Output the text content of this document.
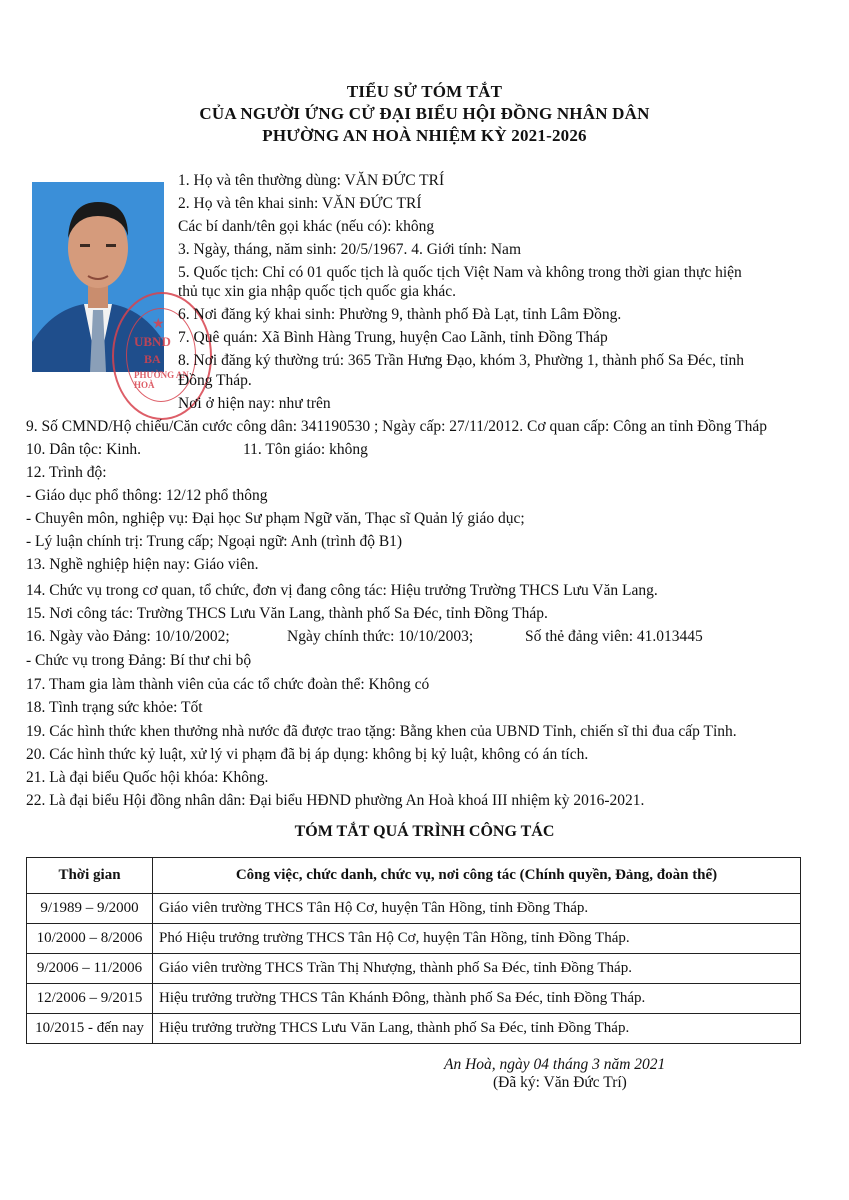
TIỂU SỬ TÓM TẮT
CỦA NGƯỜI ỨNG CỬ ĐẠI BIỂU HỘI ĐỒNG NHÂN DÂN
PHƯỜNG AN HOÀ NHIỆM KỲ 2021-2026
★
UBND
BA
PHƯỜNG AN HOÀ
1. Họ và tên thường dùng: VĂN ĐỨC TRÍ
2. Họ và tên khai sinh: VĂN ĐỨC TRÍ
Các bí danh/tên gọi khác (nếu có): không
3. Ngày, tháng, năm sinh: 20/5/1967. 4. Giới tính: Nam
5. Quốc tịch: Chỉ có 01 quốc tịch là quốc tịch Việt Nam và không trong thời gian thực hiện
thủ tục xin gia nhập quốc tịch quốc gia khác.
6. Nơi đăng ký khai sinh: Phường 9, thành phố Đà Lạt, tỉnh Lâm Đồng.
7. Quê quán: Xã Bình Hàng Trung, huyện Cao Lãnh, tỉnh Đồng Tháp
8. Nơi đăng ký thường trú: 365 Trần Hưng Đạo, khóm 3, Phường 1, thành phố Sa Đéc, tỉnh
Đồng Tháp.
Nơi ở hiện nay: như trên
9. Số CMND/Hộ chiếu/Căn cước công dân: 341190530 ; Ngày cấp: 27/11/2012. Cơ quan cấp: Công an tỉnh Đồng Tháp
10. Dân tộc: Kinh.	11. Tôn giáo: không
12. Trình độ:
- Giáo dục phổ thông: 12/12 phổ thông
- Chuyên môn, nghiệp vụ: Đại học Sư phạm Ngữ văn, Thạc sĩ Quản lý giáo dục;
- Lý luận chính trị: Trung cấp; Ngoại ngữ: Anh (trình độ B1)
13. Nghề nghiệp hiện nay: Giáo viên.
14. Chức vụ trong cơ quan, tổ chức, đơn vị đang công tác: Hiệu trưởng Trường THCS Lưu Văn Lang.
15. Nơi công tác: Trường THCS Lưu Văn Lang, thành phố Sa Đéc, tỉnh Đồng Tháp.
16. Ngày vào Đảng: 10/10/2002;	Ngày chính thức: 10/10/2003;	Số thẻ đảng viên: 41.013445
- Chức vụ trong Đảng: Bí thư chi bộ
17. Tham gia làm thành viên của các tổ chức đoàn thể: Không có
18. Tình trạng sức khỏe: Tốt
19. Các hình thức khen thưởng nhà nước đã được trao tặng: Bằng khen của UBND Tỉnh, chiến sĩ thi đua cấp Tỉnh.
20. Các hình thức kỷ luật, xử lý vi phạm đã bị áp dụng: không bị kỷ luật, không có án tích.
21. Là đại biểu Quốc hội khóa: Không.
22. Là đại biểu Hội đồng nhân dân: Đại biểu HĐND phường An Hoà khoá III nhiệm kỳ 2016-2021.
TÓM TẮT QUÁ TRÌNH CÔNG TÁC
Thời gian	Công việc, chức danh, chức vụ, nơi công tác (Chính quyền, Đảng, đoàn thể)
9/1989 – 9/2000	Giáo viên trường THCS Tân Hộ Cơ, huyện Tân Hồng, tỉnh Đồng Tháp.
10/2000 – 8/2006	Phó Hiệu trưởng trường THCS Tân Hộ Cơ, huyện Tân Hồng, tỉnh Đồng Tháp.
9/2006 – 11/2006	Giáo viên trường THCS Trần Thị Nhượng, thành phố Sa Đéc, tỉnh Đồng Tháp.
12/2006 – 9/2015	Hiệu trưởng trường THCS Tân Khánh Đông, thành phố Sa Đéc, tỉnh Đồng Tháp.
10/2015 - đến nay	Hiệu trưởng trường THCS Lưu Văn Lang, thành phố Sa Đéc, tỉnh Đồng Tháp.
An Hoà, ngày 04 tháng 3 năm 2021
(Đã ký: Văn Đức Trí)
